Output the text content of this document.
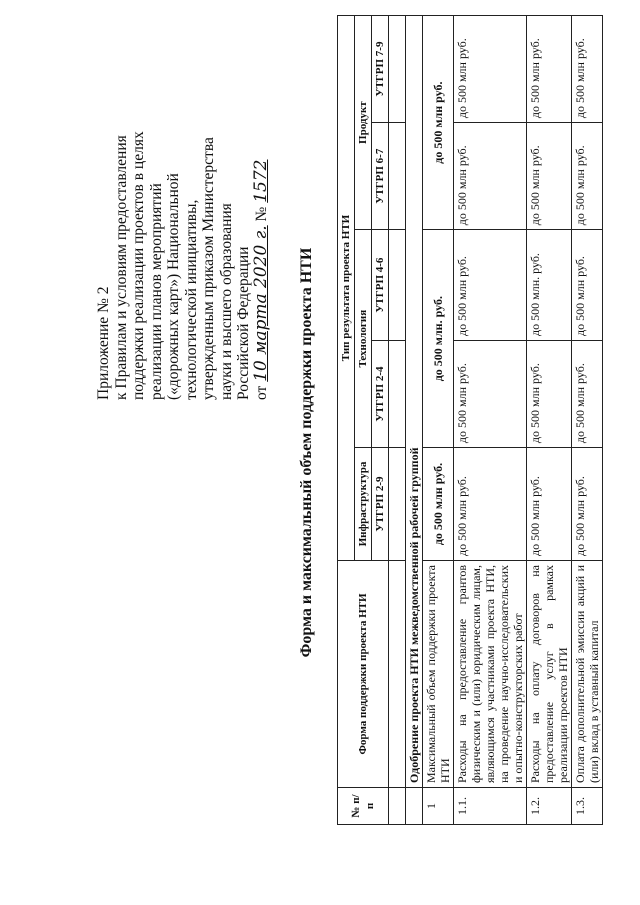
Приложение № 2 к Правилам и условиям предоставления поддержки реализации проектов в целях реализации планов мероприятий («дорожных карт») Национальной технологической инициативы, утвержденным приказом Министерства науки и высшего образования Российской Федерации от 10 марта 2020 г. № 1572
Форма и максимальный объем поддержки проекта НТИ
№ п/п	Форма поддержки проекта НТИ	Тип результата проекта НТИ				
		Инфраструктура	Технология		Продукт	
		УТГРП 2-9	УТГРП 2-4	УТГРП 4-6	УТГРП 6-7	УТГРП 7-9

	Одобрение проекта НТИ межведомственной рабочей группой					
1	Максимальный объем поддержки проекта НТИ	до 500 млн руб.	до 500 млн. руб.		до 500 млн руб.	
1.1.	Расходы на предоставление грантов физическим и (или) юридическим лицам, являющимся участниками проекта НТИ, на проведение научно-исследовательских и опытно-конструкторских работ	до 500 млн руб.	до 500 млн руб.	до 500 млн руб.	до 500 млн руб.	до 500 млн руб.
1.2.	Расходы на оплату договоров на предоставление услуг в рамках реализации проектов НТИ	до 500 млн руб.	до 500 млн руб.	до 500 млн. руб.	до 500 млн руб.	до 500 млн руб.
1.3.	Оплата дополнительной эмиссии акций и (или) вклад в уставный капитал	до 500 млн руб.	до 500 млн руб.	до 500 млн руб.	до 500 млн руб.	до 500 млн руб.
